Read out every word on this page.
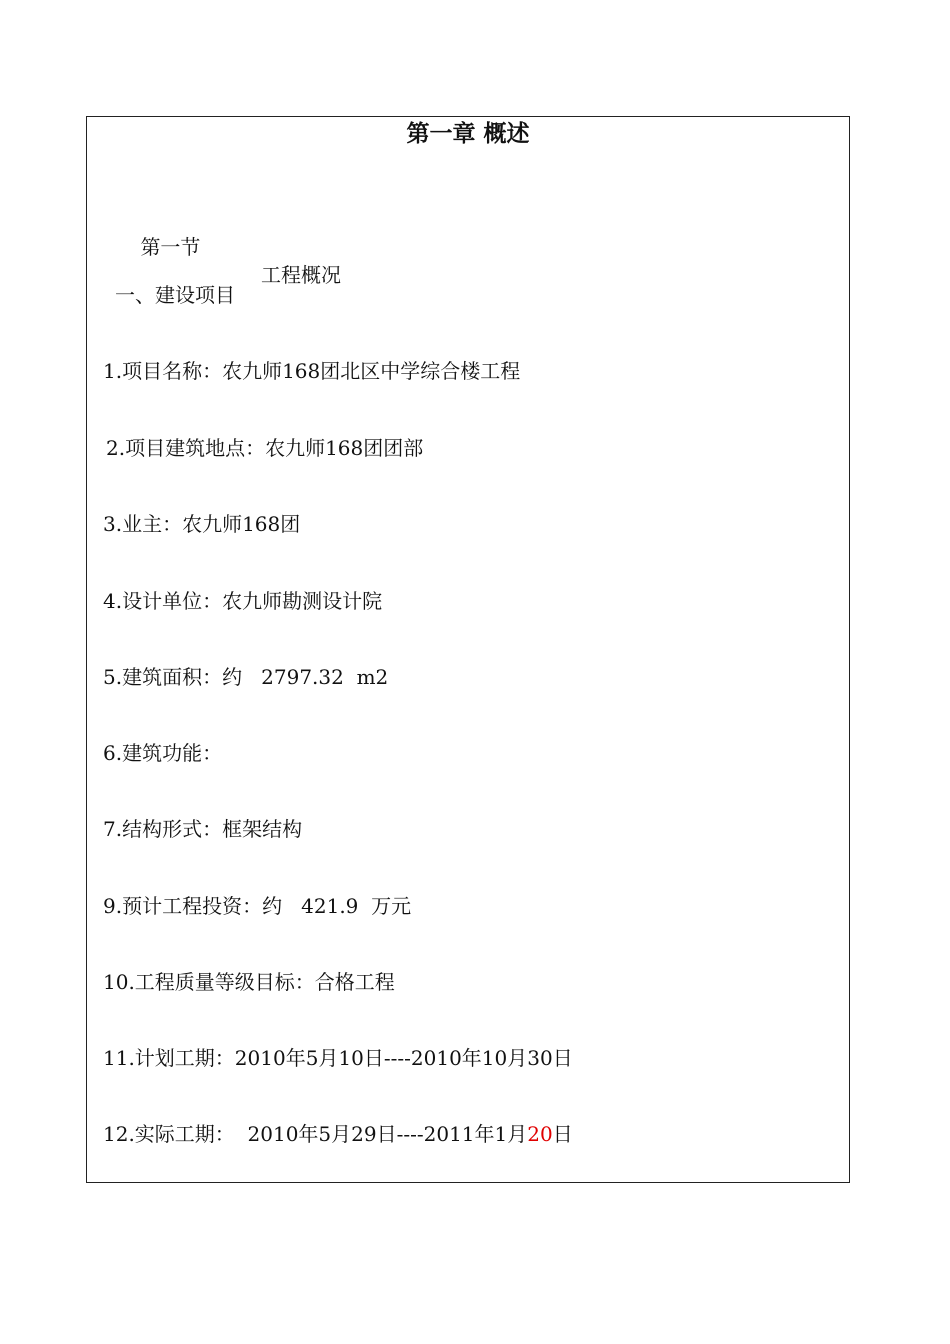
第一章 概述

第一节

工程概况

一、建设项目
1.项目名称：农九师168团北区中学综合楼工程
2.项目建筑地点：农九师168团团部
3.业主：农九师168团
4.设计单位：农九师勘测设计院
5.建筑面积：约   2797.32  m2
6.建筑功能：
7.结构形式：框架结构
9.预计工程投资：约   421.9  万元
10.工程质量等级目标：合格工程
11.计划工期：2010年5月10日----2010年10月30日
12.实际工期：  2010年5月29日----2011年1月20日
